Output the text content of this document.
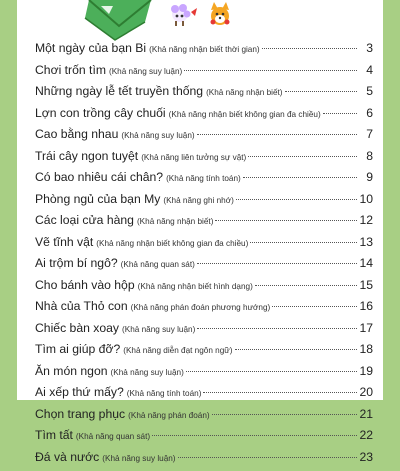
Một ngày của bạn Bi (Khả năng nhận biết thời gian)	3
Chơi trốn tìm (Khả năng suy luận)	4
Những ngày lễ tết truyền thống (Khả năng nhận biết)	5
Lợn con trồng cây chuối (Khả năng nhận biết không gian đa chiều)	6
Cao bằng nhau (Khả năng suy luận)	7
Trái cây ngon tuyệt (Khả năng liên tưởng sự vật)	8
Có bao nhiêu cái chân? (Khả năng tính toán)	9
Phòng ngủ của bạn My (Khả năng ghi nhớ)	10
Các loại cửa hàng (Khả năng nhận biết)	12
Vẽ tĩnh vật (Khả năng nhận biết không gian đa chiều)	13
Ai trộm bí ngô? (Khả năng quan sát)	14
Cho bánh vào hộp (Khả năng nhận biết hình dạng)	15
Nhà của Thỏ con (Khả năng phán đoán phương hướng)	16
Chiếc bàn xoay (Khả năng suy luận)	17
Tìm ai giúp đỡ? (Khả năng diễn đạt ngôn ngữ)	18
Ăn món ngon (Khả năng suy luận)	19
Ai xếp thứ mấy? (Khả năng tính toán)	20
Chọn trang phục (Khả năng phán đoán)	21
Tìm tất (Khả năng quan sát)	22
Đá và nước (Khả năng suy luận)	23
